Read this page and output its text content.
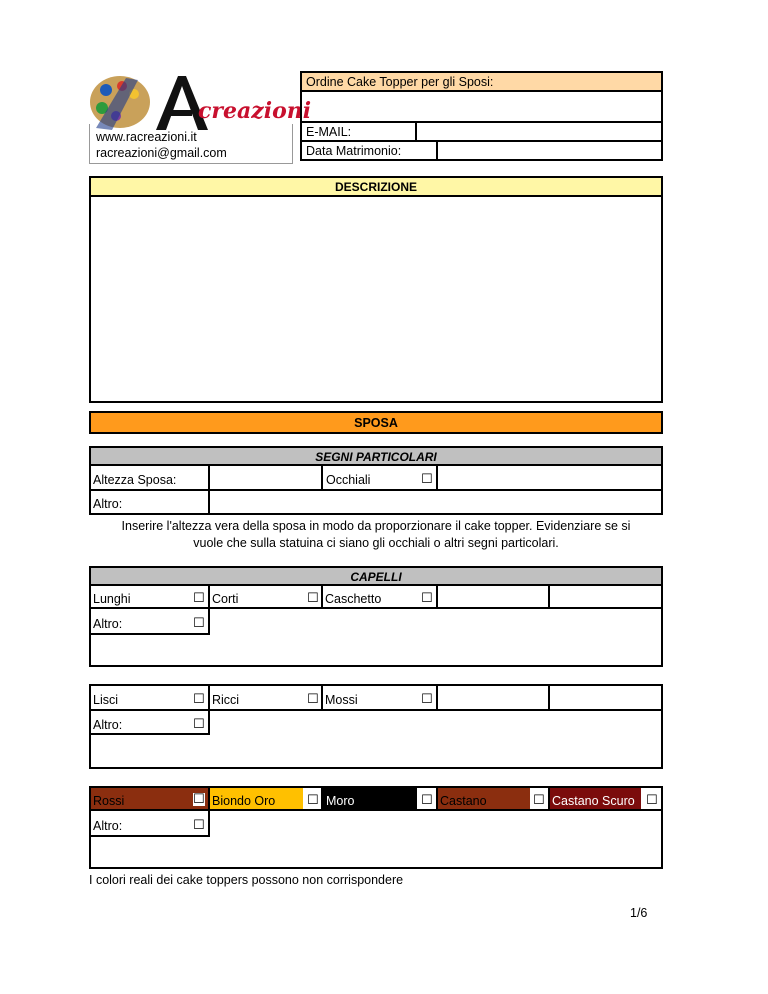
creazioni
www.racreazioni.it
racreazioni@gmail.com
Ordine Cake Topper per gli Sposi:
E-MAIL:
Data Matrimonio:
DESCRIZIONE
SPOSA
SEGNI PARTICOLARI
Altezza Sposa:	Occhiali	☐
Altro:
Inserire l'altezza vera della sposa in modo da proporzionare il cake topper. Evidenziare se si vuole che sulla statuina ci siano gli occhiali o altri segni particolari.
CAPELLI
Lunghi	☐ Corti	☐ Caschetto	☐
Altro:	☐
Lisci	☐ Ricci	☐ Mossi	☐
Altro:	☐
Rossi	☐ Biondo Oro ☐ Moro	☐ Castano	☐ Castano Scuro ☐
Altro:	☐
I colori reali dei cake toppers possono non corrispondere
1/6
